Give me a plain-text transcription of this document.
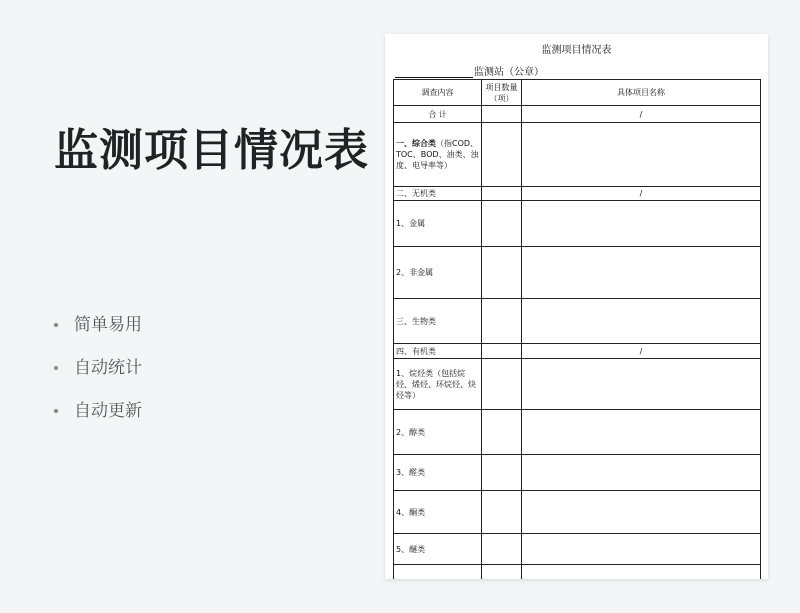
监测项目情况表
简单易用
自动统计
自动更新
监测项目情况表
监测站（公章）
调查内容	项目数量（项）	具体项目名称
合 计		/
一、综合类（指COD、TOC、BOD、油类、浊度、电导率等）		
二、无机类		/
1、金属		
2、非金属		
三、生物类		
四、有机类		/
1、烷烃类（包括烷烃、烯烃、环烷烃、炔烃等）		
2、醇类		
3、醛类		
4、酮类		
5、醚类		
